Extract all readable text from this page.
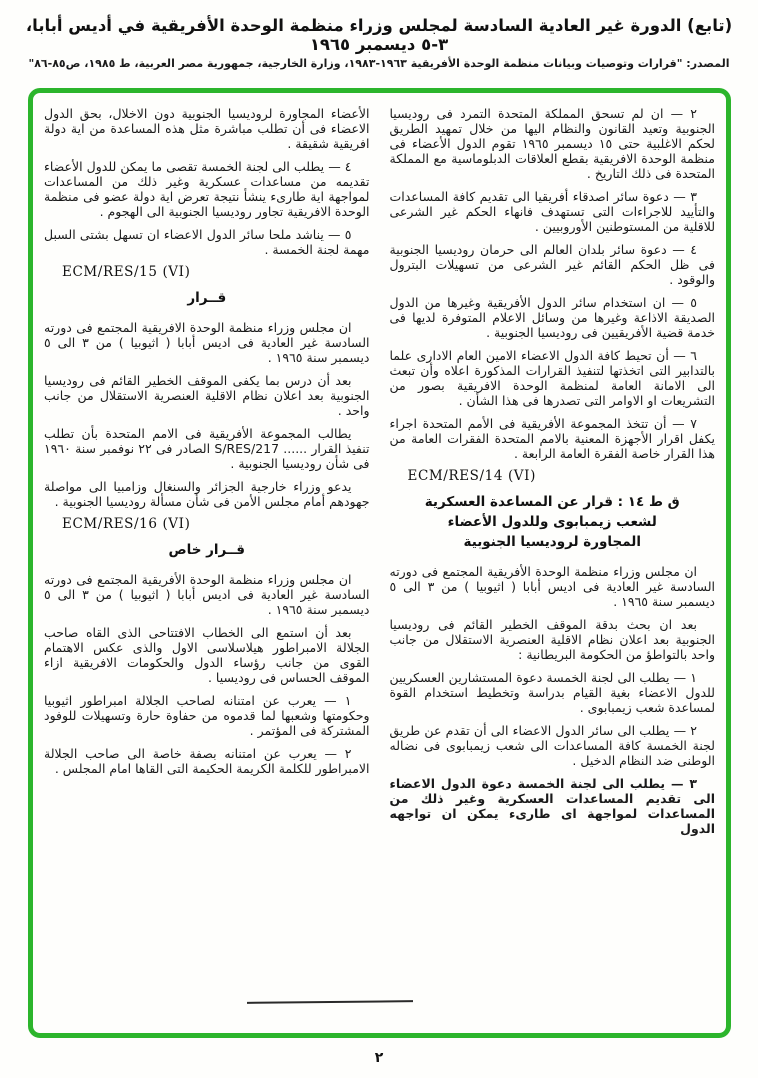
(تابع) الدورة غير العادية السادسة لمجلس وزراء منظمة الوحدة الأفريقية في أديس أبابا، ٣-٥ ديسمبر ١٩٦٥
المصدر: "قرارات وتوصيات وبيانات منظمة الوحدة الأفريقية ١٩٦٣-١٩٨٣، وزارة الخارجية، جمهورية مصر العربية، ط ١٩٨٥، ص٨٥-٨٦"

٢ — ان لم تسحق المملكة المتحدة التمرد فى روديسيا الجنوبية وتعيد القانون والنظام اليها من خلال تمهيد الطريق لحكم الاغلبية حتى ١٥ ديسمبر ١٩٦٥ تقوم الدول الأعضاء فى منظمة الوحدة الافريقية بقطع العلاقات الدبلوماسية مع المملكة المتحدة فى ذلك التاريخ .

٣ — دعوة سائر اصدقاء أفريقيا الى تقديم كافة المساعدات والتأييد للاجراءات التى تستهدف فانهاء الحكم غير الشرعى للاقلية من المستوطنين الأوروبيين .

٤ — دعوة سائر بلدان العالم الى حرمان روديسيا الجنوبية فى ظل الحكم القائم غير الشرعى من تسهيلات البترول والوقود .

٥ — ان استخدام سائر الدول الأفريقية وغيرها من الدول الصديقة الاذاعة وغيرها من وسائل الاعلام المتوفرة لديها فى خدمة قضية الأفريقيين فى روديسيا الجنوبية .

٦ — أن تحيط كافة الدول الاعضاء الامين العام الادارى علما بالتدابير التى اتخذتها لتنفيذ القرارات المذكورة اعلاه وأن تبعث الى الامانة العامة لمنظمة الوحدة الافريقية بصور من التشريعات او الاوامر التى تصدرها فى هذا الشأن .

٧ — أن تتخذ المجموعة الأفريقية فى الأمم المتحدة اجراء يكفل اقرار الأجهزة المعنية بالامم المتحدة الفقرات العامة من هذا القرار خاصة الفقرة العامة الرابعة .

ECM/RES/14 (VI)

ق ط ١٤ : قرار عن المساعدة العسكرية
لشعب زيمبابوى وللدول الأعضاء
المجاورة لروديسيا الجنوبية

ان مجلس وزراء منظمة الوحدة الأفريقية المجتمع فى دورته السادسة غير العادية فى اديس أبابا ( اثيوبيا ) من ٣ الى ٥ ديسمبر سنة ١٩٦٥ .

بعد ان بحث بدقة الموقف الخطير القائم فى روديسيا الجنوبية بعد اعلان نظام الاقلية العنصرية الاستقلال من جانب واحد بالتواطؤ من الحكومة البريطانية :

١ — يطلب الى لجنة الخمسة دعوة المستشارين العسكريين للدول الاعضاء بغية القيام بدراسة وتخطيط استخدام القوة لمساعدة شعب زيمبابوى .

٢ — يطلب الى سائر الدول الاعضاء الى أن تقدم عن طريق لجنة الخمسة كافة المساعدات الى شعب زيمبابوى فى نضاله الوطنى ضد النظام الدخيل .

٣ — يطلب الى لجنة الخمسة دعوة الدول الاعضاء الى تقديم المساعدات العسكرية وغير ذلك من المساعدات لمواجهة اى طارىء يمكن ان تواجهه الدول

الأعضاء المجاورة لروديسيا الجنوبية دون الاخلال، بحق الدول الاعضاء فى أن تطلب مباشرة مثل هذه المساعدة من اية دولة افريقية شقيقة .

٤ — يطلب الى لجنة الخمسة تقصى ما يمكن للدول الأعضاء تقديمه من مساعدات عسكرية وغير ذلك من المساعدات لمواجهة اية طارىء ينشأ نتيجة تعرض اية دولة عضو فى منظمة الوحدة الافريقية تجاور روديسيا الجنوبية الى الهجوم .

٥ — يناشد ملحا سائر الدول الاعضاء ان تسهل بشتى السبل مهمة لجنة الخمسة .

ECM/RES/15 (VI)

قــرار

ان مجلس وزراء منظمة الوحدة الافريقية المجتمع فى دورته السادسة غير العادية فى اديس أبابا ( اثيوبيا ) من ٣ الى ٥ ديسمبر سنة ١٩٦٥ .

بعد أن درس بما يكفى الموقف الخطير القائم فى روديسيا الجنوبية بعد اعلان نظام الاقلية العنصرية الاستقلال من جانب واحد .

يطالب المجموعة الأفريقية فى الامم المتحدة بأن تطلب تنفيذ القرار ...... S/RES/217 الصادر فى ٢٢ نوفمبر سنة ١٩٦٠ فى شأن روديسيا الجنوبية .

يدعو وزراء خارجية الجزائر والسنغال وزامبيا الى مواصلة جهودهم أمام مجلس الأمن فى شأن مسألة روديسيا الجنوبية .

ECM/RES/16 (VI)

قــرار خاص

ان مجلس وزراء منظمة الوحدة الأفريقية المجتمع فى دورته السادسة غير العادية فى اديس أبابا ( اثيوبيا ) من ٣ الى ٥ ديسمبر سنة ١٩٦٥ .

بعد أن استمع الى الخطاب الافتتاحى الذى القاه صاحب الجلالة الامبراطور هيلاسلاسى الاول والذى عكس الاهتمام القوى من جانب رؤساء الدول والحكومات الافريقية ازاء الموقف الحساس فى روديسيا .

١ — يعرب عن امتنانه لصاحب الجلالة امبراطور اثيوبيا وحكومتها وشعبها لما قدموه من حفاوة حارة وتسهيلات للوفود المشتركة فى المؤتمر .

٢ — يعرب عن امتنانه بصفة خاصة الى صاحب الجلالة الامبراطور للكلمة الكريمة الحكيمة التى القاها امام المجلس .

٢
